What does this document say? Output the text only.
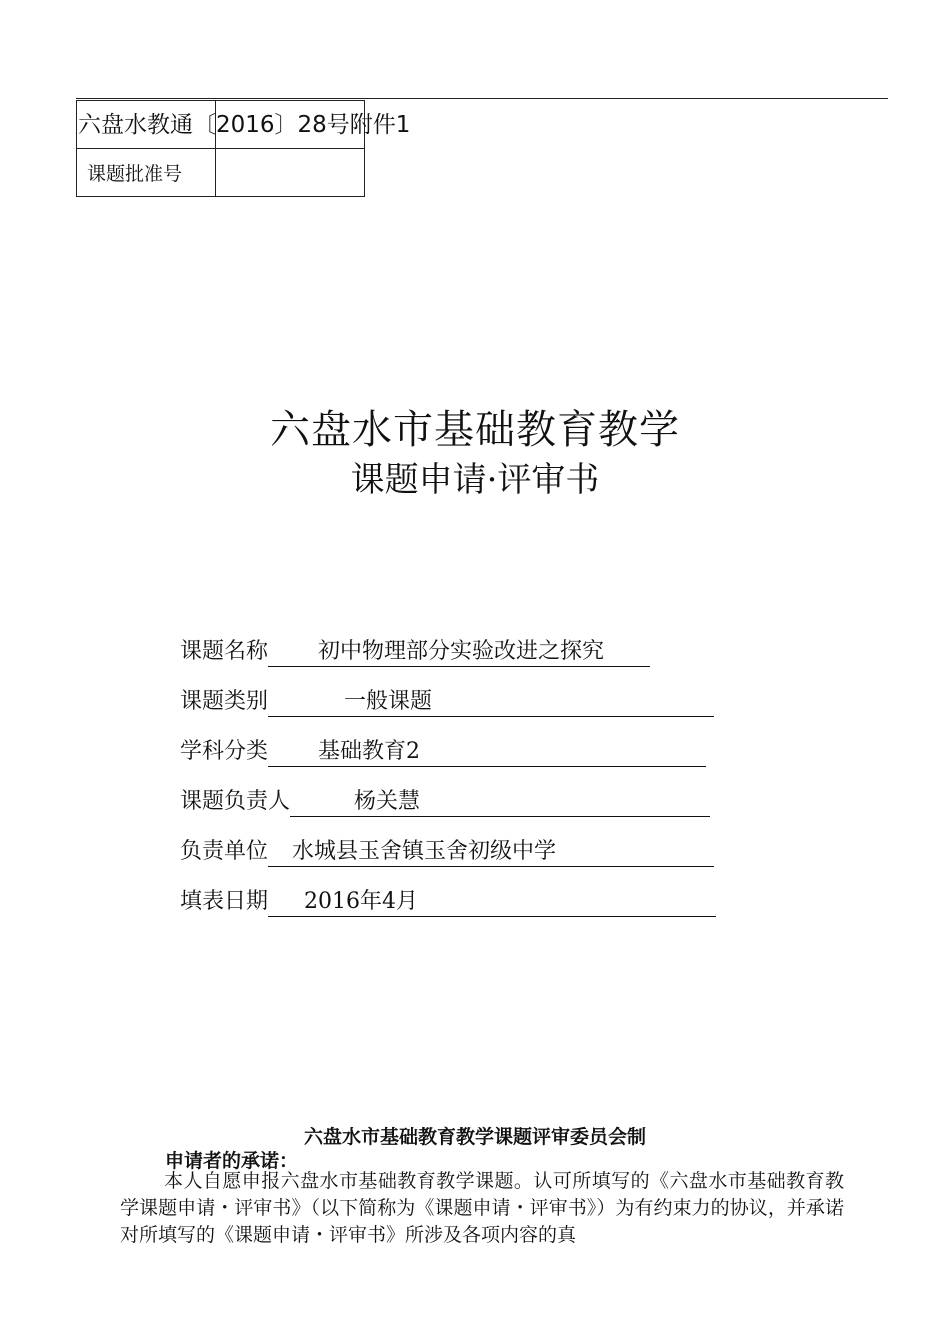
课题批准号	
六盘水教通〔2016〕28号附件1
六盘水市基础教育教学
课题申请·评审书
课题名称 初中物理部分实验改进之探究
课题类别	一般课题
学科分类 基础教育2
课题负责人	杨关慧
负责单位 水城县玉舍镇玉舍初级中学
填表日期 2016年4月
六盘水市基础教育教学课题评审委员会制
申请者的承诺：
本人自愿申报六盘水市基础教育教学课题。认可所填写的《六盘水市基础教育教学课题申请・评审书》（以下简称为《课题申请・评审书》）为有约束力的协议，并承诺对所填写的《课题申请・评审书》所涉及各项内容的真
